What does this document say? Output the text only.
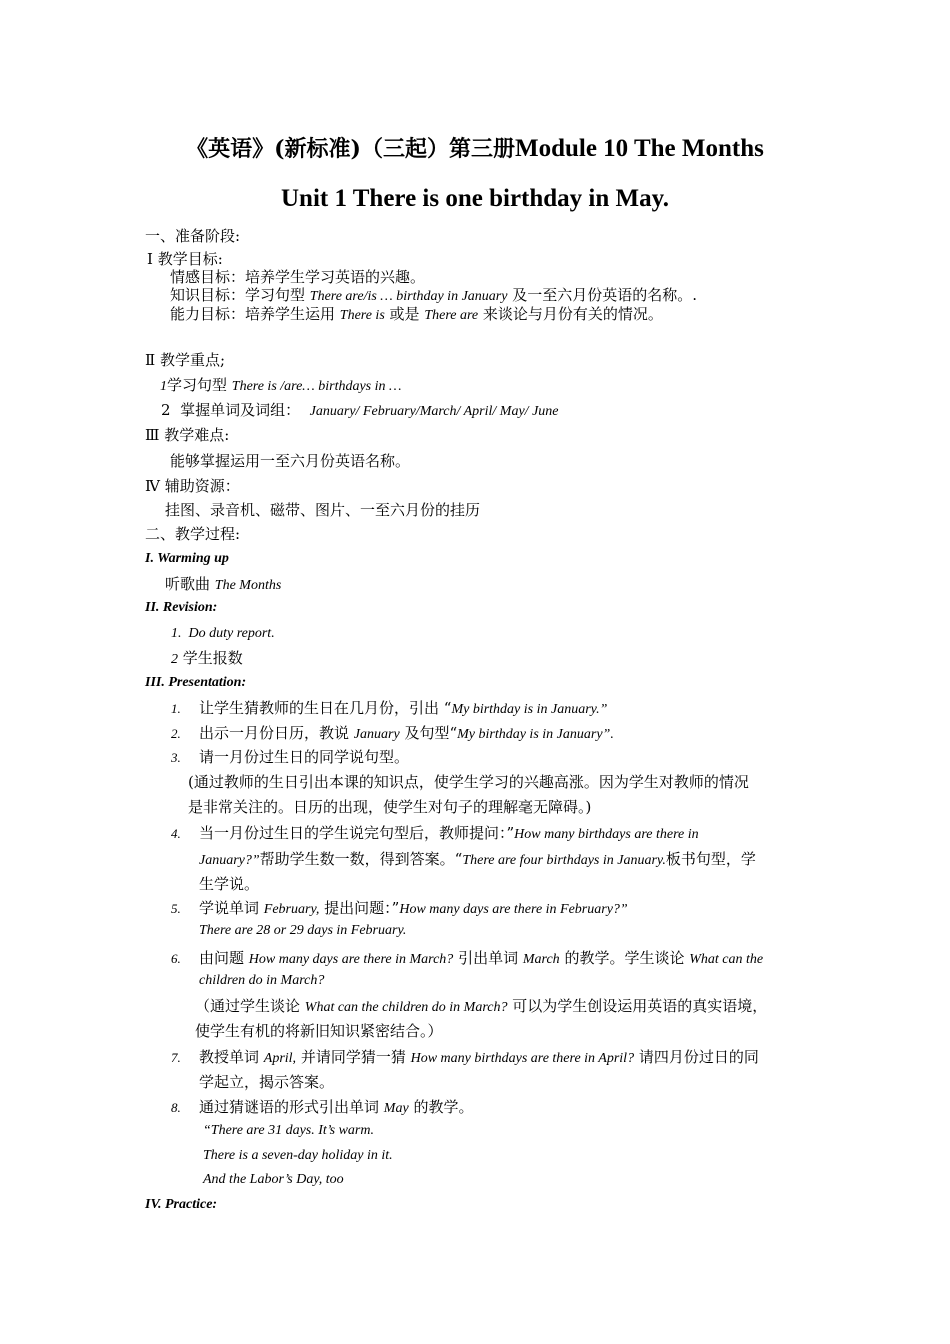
《英语》(新标准)（三起）第三册Module 10 The Months
Unit 1 There is one birthday in May.
一、准备阶段:
Ⅰ 教学目标:
情感目标：培养学生学习英语的兴趣。
知识目标：学习句型 There are/is … birthday in January 及一至六月份英语的名称。.
能力目标：培养学生运用 There is 或是 There are 来谈论与月份有关的情况。
Ⅱ 教学重点;
1学习句型 There is /are… birthdays in …
2 掌握单词及词组： January/ February/March/ April/ May/ June
Ⅲ 教学难点:
能够掌握运用一至六月份英语名称。
Ⅳ 辅助资源：
挂图、录音机、磁带、图片、一至六月份的挂历
二、教学过程:
I. Warming up
听歌曲 The Months
II. Revision:
1. Do duty report.
2 学生报数
III. Presentation:
1. 让学生猜教师的生日在几月份，引出 “My birthday is in January.”
2. 出示一月份日历，教说 January 及句型“My birthday is in January”.
3. 请一月份过生日的同学说句型。
(通过教师的生日引出本课的知识点，使学生学习的兴趣高涨。因为学生对教师的情况
是非常关注的。日历的出现，使学生对句子的理解毫无障碍。)
4. 当一月份过生日的学生说完句型后，教师提问：”How many birthdays are there in
January?”帮助学生数一数，得到答案。“There are four birthdays in January.板书句型，学
生学说。
5. 学说单词 February, 提出问题：”How many days are there in February?”
There are 28 or 29 days in February.
6. 由问题 How many days are there in March? 引出单词 March 的教学。学生谈论 What can the
children do in March?
（通过学生谈论 What can the children do in March? 可以为学生创设运用英语的真实语境，
使学生有机的将新旧知识紧密结合。）
7. 教授单词 April, 并请同学猜一猜 How many birthdays are there in April? 请四月份过日的同
学起立，揭示答案。
8. 通过猜谜语的形式引出单词 May 的教学。
“There are 31 days. It’s warm.
There is a seven-day holiday in it.
And the Labor’s Day, too
IV. Practice:
